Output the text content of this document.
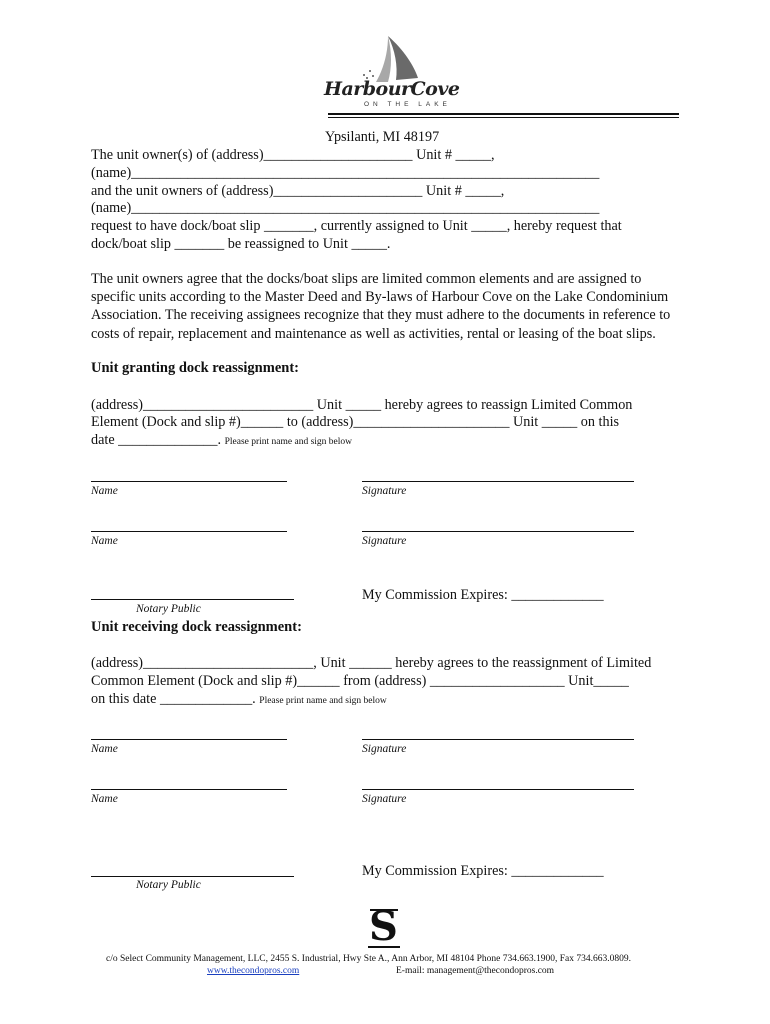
HarbourCove
ON THE LAKE
Ypsilanti, MI 48197
The unit owner(s) of (address)_____________________ Unit # _____,
(name)__________________________________________________________________
and the unit owners of (address)_____________________ Unit # _____,
(name)__________________________________________________________________
request to have dock/boat slip _______, currently assigned to Unit _____, hereby request that
dock/boat slip _______ be reassigned to Unit _____.
The unit owners agree that the docks/boat slips are limited common elements and are assigned to specific units according to the Master Deed and By-laws of Harbour Cove on the Lake Condominium Association. The receiving assignees recognize that they must adhere to the documents in reference to costs of repair, replacement and maintenance as well as activities, rental or leasing of the boat slips.
Unit granting dock reassignment:
(address)________________________ Unit _____ hereby agrees to reassign Limited Common
Element (Dock and slip #)______ to (address)______________________ Unit _____ on this
date ______________. Please print name and sign below
Name	Signature
Name	Signature
My Commission Expires: _____________
Notary Public
Unit receiving dock reassignment:
(address)________________________, Unit ______ hereby agrees to the reassignment of Limited
Common Element (Dock and slip #)______ from (address) ___________________ Unit_____
on this date _____________. Please print name and sign below
Name	Signature
Name	Signature
My Commission Expires: _____________
Notary Public
S
c/o Select Community Management, LLC, 2455 S. Industrial, Hwy Ste A., Ann Arbor, MI 48104 Phone 734.663.1900, Fax 734.663.0809.
www.thecondopros.com	E-mail: management@thecondopros.com
